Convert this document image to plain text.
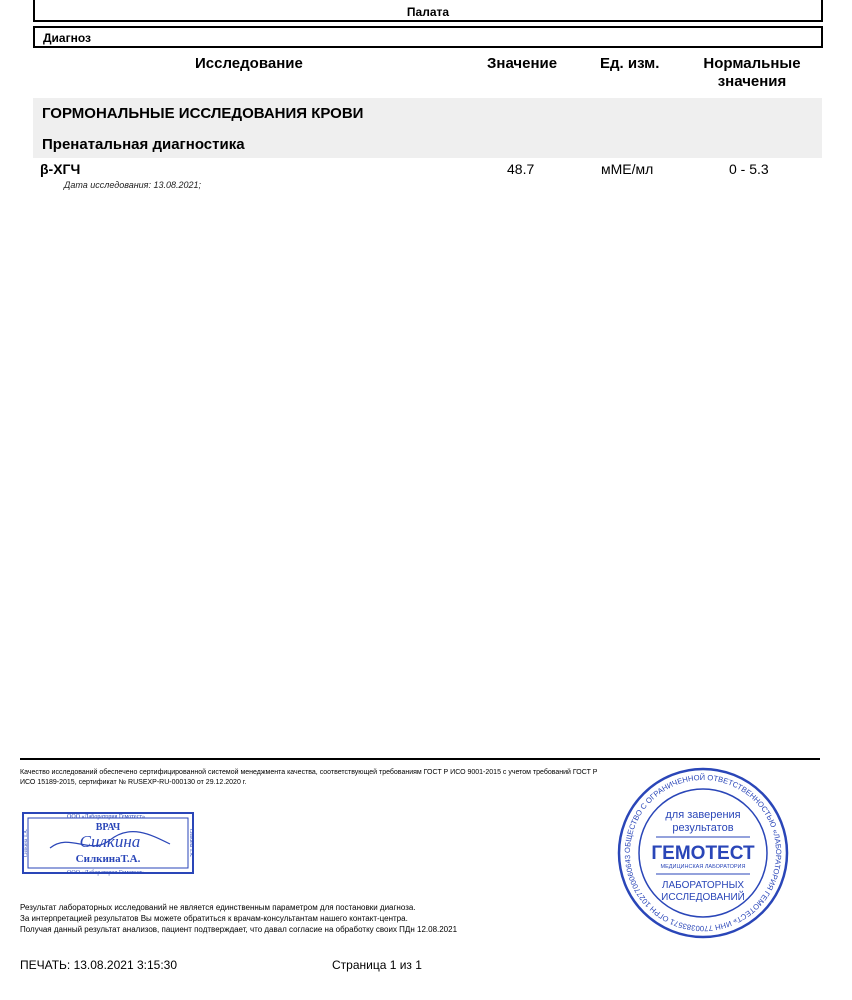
Палата
Диагноз
Исследование	Значение	Ед. изм.	Нормальные
значения
ГОРМОНАЛЬНЫЕ ИССЛЕДОВАНИЯ КРОВИ
Пренатальная диагностика
β-ХГЧ	48.7	мМЕ/мл	0 - 5.3
Дата исследования: 13.08.2021;
Качество исследований обеспечено сертифицированной системой менеджмента качества, соответствующей требованиям ГОСТ Р ИСО 9001-2015 с учетом требований ГОСТ Р ИСО 15189-2015, сертификат № RUSEXP-RU-000130 от 29.12.2020 г.
ООО «Лаборатория Гемотест»
ВРАЧ
Силкина
СилкинаТ.А.
ООО «Лаборатория Гемотест»
Силкина Т.А.	Силкина Т.А.	ОБЩЕСТВО С ОГРАНИЧЕННОЙ ОТВЕТСТВЕННОСТЬЮ «ЛАБОРАТОРИЯ ГЕМОТЕСТ» ИНН 7700383571 ОГРН 1027700060643
для заверения
результатов
ГЕМОТЕСТ
МЕДИЦИНСКАЯ ЛАБОРАТОРИЯ
ЛАБОРАТОРНЫХ
ИССЛЕДОВАНИЙ
Результат лабораторных исследований не является единственным параметром для постановки диагноза.
За интерпретацией результатов Вы можете обратиться к врачам-консультантам нашего контакт-центра.
Получая данный результат анализов, пациент подтверждает, что давал согласие на обработку своих ПДн 12.08.2021
ПЕЧАТЬ: 13.08.2021 3:15:30	Страница 1 из 1
